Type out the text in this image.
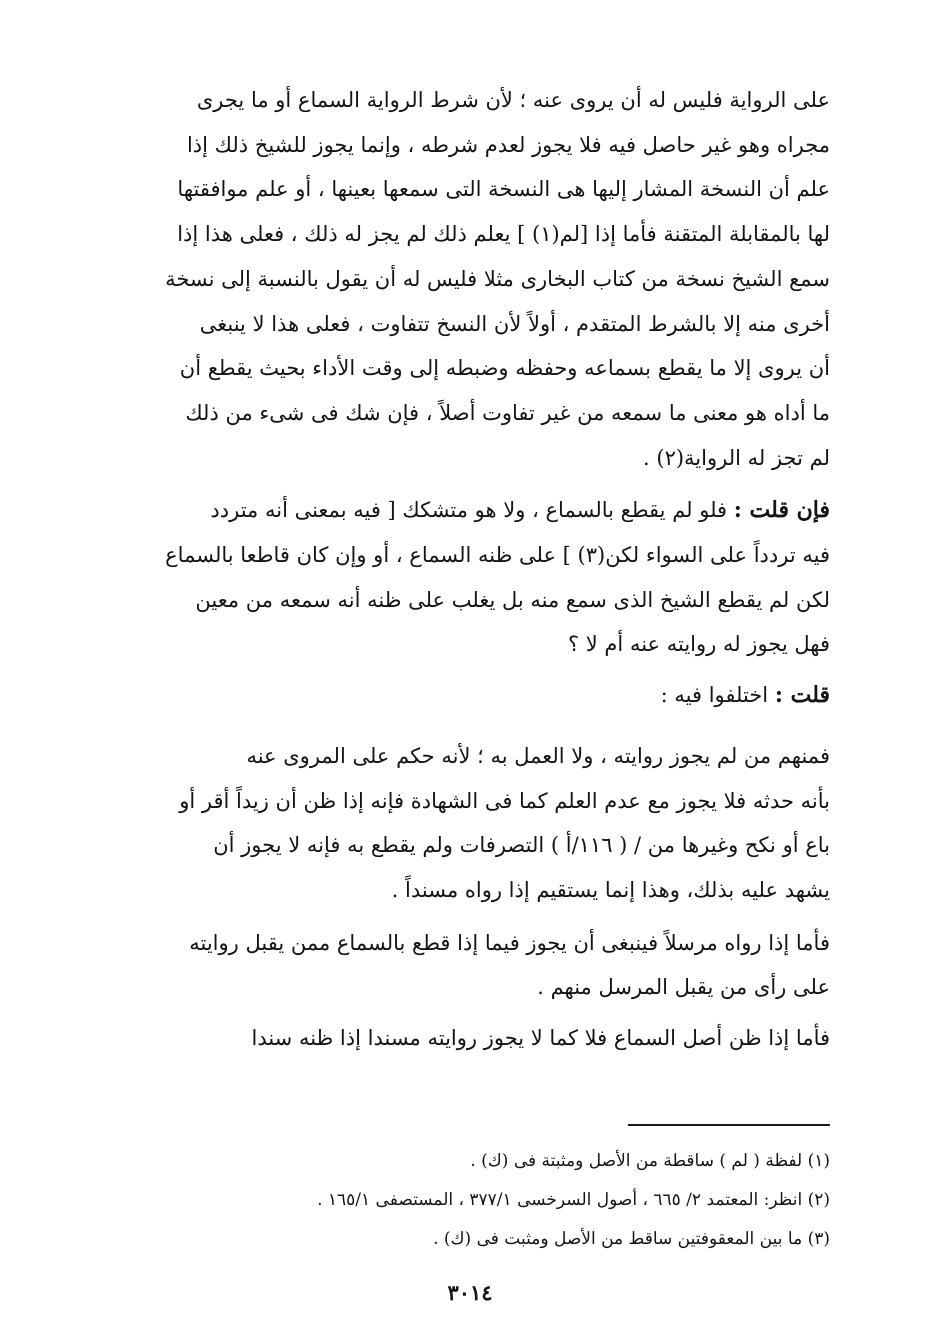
على الرواية فليس له أن يروى عنه ؛ لأن شرط الرواية السماع أو ما يجرى
مجراه وهو غير حاصل فيه فلا يجوز لعدم شرطه ، وإنما يجوز للشيخ ذلك إذا
علم أن النسخة المشار إليها هى النسخة التى سمعها بعينها ، أو علم موافقتها
لها بالمقابلة المتقنة فأما إذا [لم(١) ] يعلم ذلك لم يجز له ذلك ، فعلى هذا إذا
سمع الشيخ نسخة من كتاب البخارى مثلا فليس له أن يقول بالنسبة إلى نسخة
أخرى منه إلا بالشرط المتقدم ، أولاً لأن النسخ تتفاوت ، فعلى هذا لا ينبغى
أن يروى إلا ما يقطع بسماعه وحفظه وضبطه إلى وقت الأداء بحيث يقطع أن
ما أداه هو معنى ما سمعه من غير تفاوت أصلاً ، فإن شك فى شىء من ذلك
لم تجز له الرواية(٢) .
فإن قلت : فلو لم يقطع بالسماع ، ولا هو متشكك [ فيه بمعنى أنه متردد
فيه تردداً على السواء لكن(٣) ] على ظنه السماع ، أو وإن كان قاطعا بالسماع
لكن لم يقطع الشيخ الذى سمع منه بل يغلب على ظنه أنه سمعه من معين
فهل يجوز له روايته عنه أم لا ؟
قلت : اختلفوا فيه :
فمنهم من لم يجوز روايته ، ولا العمل به ؛ لأنه حكم على المروى عنه
بأنه حدثه فلا يجوز مع عدم العلم كما فى الشهادة فإنه إذا ظن أن زيداً أقر أو
باع أو نكح وغيرها من / ( ١١٦/أ ) التصرفات ولم يقطع به فإنه لا يجوز أن
يشهد عليه بذلك، وهذا إنما يستقيم إذا رواه مسنداً .
فأما إذا رواه مرسلاً فينبغى أن يجوز فيما إذا قطع بالسماع ممن يقبل روايته
على رأى من يقبل المرسل منهم .
فأما إذا ظن أصل السماع فلا كما لا يجوز روايته مسندا إذا ظنه سندا
(١) لفظة ( لم ) ساقطة من الأصل ومثبتة فى (ك) .
(٢) انظر: المعتمد ٢/ ٦٦٥ ، أصول السرخسى ٣٧٧/١ ، المستصفى ١٦٥/١ .
(٣) ما بين المعقوفتين ساقط من الأصل ومثبت فى (ك) .
٣٠١٤
